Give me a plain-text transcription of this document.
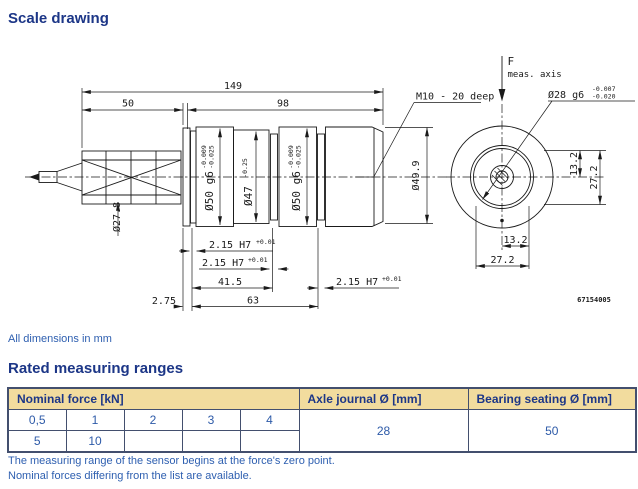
Scale drawing
149
50	98
M10 - 20 deep
Ø50 g6
-0.009 -0.025
Ø47
-0.25
Ø50 g6
-0.009 -0.025
Ø49.9
Ø27.8
2.15 H7 +0.01
2.15 H7 +0.01
41.5	2.15 H7 +0.01
63
2.75
F
meas. axis
Ø28 g6
-0.007
-0.020
13.2
27.2
13.2
27.2
67154005
All dimensions in mm
Rated measuring ranges
Nominal force [kN]					Axle journal Ø [mm]	Bearing seating Ø [mm]
0,5	1	2	3	4	28	50
5	10					
The measuring range of the sensor begins at the force's zero point.
Nominal forces differing from the list are available.
